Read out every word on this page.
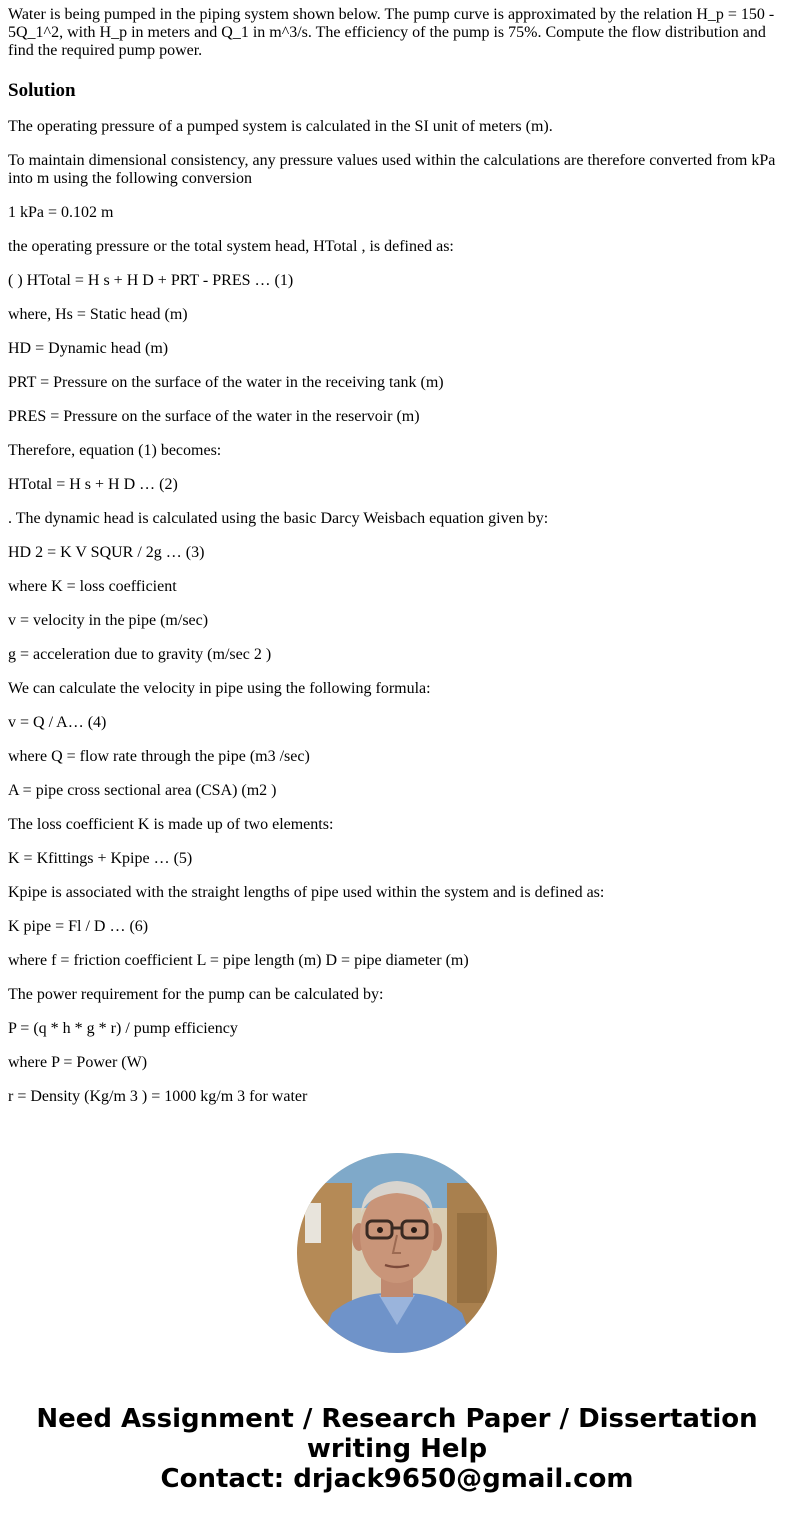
Water is being pumped in the piping system shown below. The pump curve is approximated by the relation H_p = 150 - 5Q_1^2, with H_p in meters and Q_1 in m^3/s. The efficiency of the pump is 75%. Compute the flow distribution and find the required pump power.
Solution
The operating pressure of a pumped system is calculated in the SI unit of meters (m).
To maintain dimensional consistency, any pressure values used within the calculations are therefore converted from kPa into m using the following conversion
1 kPa = 0.102 m
the operating pressure or the total system head, HTotal , is defined as:
( ) HTotal = H s + H D + PRT - PRES … (1)
where, Hs = Static head (m)
HD = Dynamic head (m)
PRT = Pressure on the surface of the water in the receiving tank (m)
PRES = Pressure on the surface of the water in the reservoir (m)
Therefore, equation (1) becomes:
HTotal = H s + H D … (2)
. The dynamic head is calculated using the basic Darcy Weisbach equation given by:
HD 2 = K V SQUR / 2g … (3)
where K = loss coefficient
v = velocity in the pipe (m/sec)
g = acceleration due to gravity (m/sec 2 )
We can calculate the velocity in pipe using the following formula:
v = Q / A… (4)
where Q = flow rate through the pipe (m3 /sec)
A = pipe cross sectional area (CSA) (m2 )
The loss coefficient K is made up of two elements:
K = Kfittings + Kpipe … (5)
Kpipe is associated with the straight lengths of pipe used within the system and is defined as:
K pipe = Fl / D … (6)
where f = friction coefficient L = pipe length (m) D = pipe diameter (m)
The power requirement for the pump can be calculated by:
P = (q * h * g * r) / pump efficiency
where P = Power (W)
r = Density (Kg/m 3 ) = 1000 kg/m 3 for water
Need Assignment / Research Paper / Dissertation
writing Help
Contact: drjack9650@gmail.com
